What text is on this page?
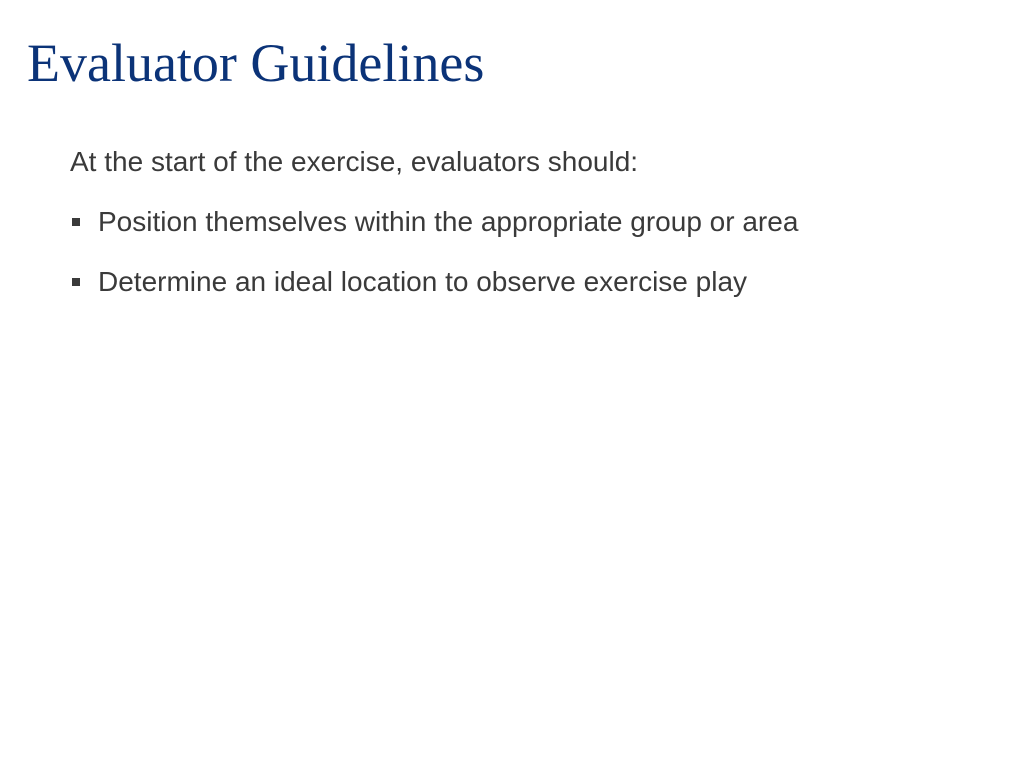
Evaluator Guidelines

At the start of the exercise, evaluators should:

Position themselves within the appropriate group or area
Determine an ideal location to observe exercise play
